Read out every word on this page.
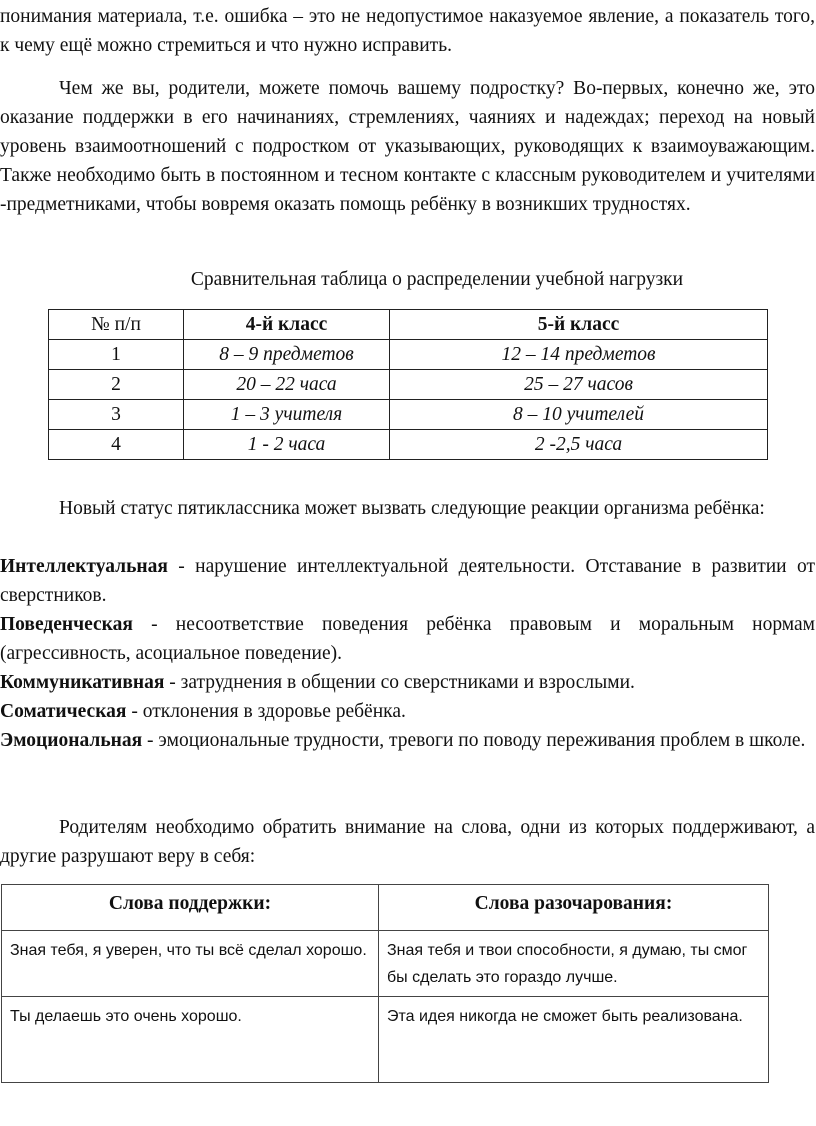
понимания материала, т.е. ошибка – это не недопустимое наказуемое явление, а показатель того, к чему ещё можно стремиться и что нужно исправить.

Чем же вы, родители, можете помочь вашему подростку? Во-первых, конечно же, это оказание поддержки в его начинаниях, стремлениях, чаяниях и надеждах; переход на новый уровень взаимоотношений с подростком от указывающих, руководящих к взаимоуважающим. Также необходимо быть в постоянном и тесном контакте с классным руководителем и учителями -предметниками, чтобы вовремя оказать помощь ребёнку в возникших трудностях.

Сравнительная таблица о распределении учебной нагрузки

№ п/п	4-й класс	5-й класс
1	8 – 9 предметов	12 – 14 предметов
2	20 – 22 часа	25 – 27 часов
3	1 – 3 учителя	8 – 10 учителей
4	1 - 2 часа	2 -2,5 часа

Новый статус пятиклассника может вызвать следующие реакции организма ребёнка:

Интеллектуальная - нарушение интеллектуальной деятельности. Отставание в развитии от сверстников.

Поведенческая - несоответствие поведения ребёнка правовым и моральным нормам (агрессивность, асоциальное поведение).

Коммуникативная - затруднения в общении со сверстниками и взрослыми.

Соматическая - отклонения в здоровье ребёнка.

Эмоциональная - эмоциональные трудности, тревоги по поводу переживания проблем в школе.

Родителям необходимо обратить внимание на слова, одни из которых поддерживают, а другие разрушают веру в себя:

Слова поддержки:	Слова разочарования:
Зная тебя, я уверен, что ты всё сделал хорошо.	Зная тебя и твои способности, я думаю, ты смог бы сделать это гораздо лучше.
Ты делаешь это очень хорошо.	Эта идея никогда не сможет быть реализована.
